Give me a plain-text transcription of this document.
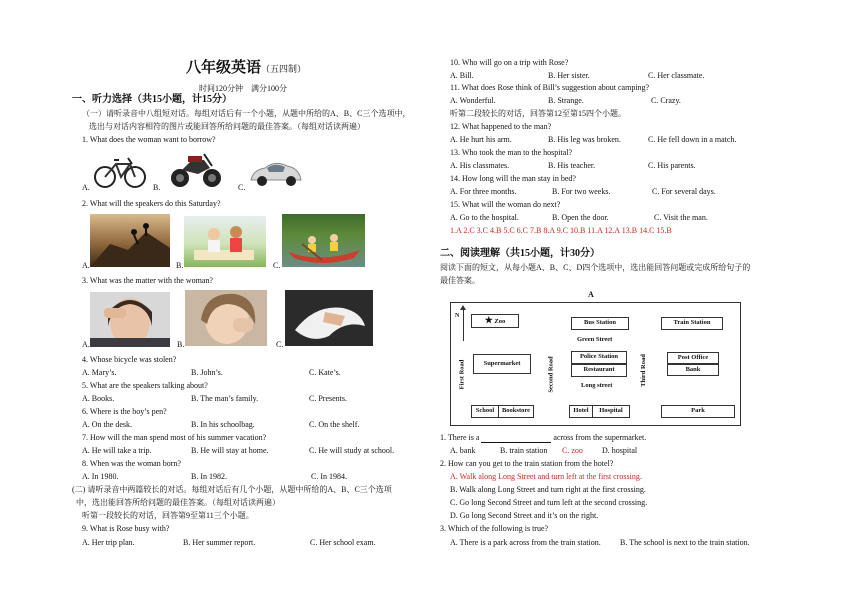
八年级英语（五四制）
时间120分钟　满分100分
一、听力选择（共15小题，计15分）
（一）请听录音中八组短对话。每组对话后有一个小题，从题中所给的A、B、C三个选项中，
选出与对话内容相符的图片或能回答所给问题的最佳答案。（每组对话读两遍）
1. What does the woman want to borrow?
A.	B.	C.
2. What will the speakers do this Saturday?
A.	B.	C.
3. What was the matter with the woman?
A.	B.	C.
4. Whose bicycle was stolen?
A. Mary’s.	B. John’s.	C. Kate’s.
5. What are the speakers talking about?
A. Books.	B. The man’s family.	C. Presents.
6. Where is the boy’s pen?
A. On the desk.	B. In his schoolbag.	C. On the shelf.
7. How will the man spend most of his summer vacation?
A. He will take a trip.	B. He will stay at home.	C. He will study at school.
8. When was the woman born?
A. In 1980.	B. In 1982.	C. In 1984.
(二) 请听录音中两篇较长的对话。每组对话后有几个小题，从题中所给的A、B、C三个选项
中，选出能回答所给问题的最佳答案。（每组对话读两遍）
听第一段较长的对话，回答第9至第11三个小题。
9. What is Rose busy with?
A. Her trip plan.	B. Her summer report.	C. Her school exam.
10. Who will go on a trip with Rose?
A. Bill.	B. Her sister.	C. Her classmate.
11. What does Rose think of Bill’s suggestion about camping?
A. Wonderful.	B. Strange.	C. Crazy.
听第二段较长的对话，回答第12至第15四个小题。
12. What happened to the man?
A. He hurt his arm.	B. His leg was broken.	C. He fell down in a match.
13. Who took the man to the hospital?
A. His classmates.	B. His teacher.	C. His parents.
14. How long will the man stay in bed?
A. For three months.	B. For two weeks.	C. For several days.
15. What will the woman do next?
A. Go to the hospital.	B. Open the door.	C. Visit the man.
1.A 2.C 3.C 4.B 5.C 6.C 7.B 8.A 9.C 10.B 11.A 12.A 13.B 14.C 15.B
二、阅读理解（共15小题，计30分）
阅读下面的短文，从每小题A、B、C、D四个选项中，选出能回答问题或完成所给句子的
最佳答案。
A
N	★ Zoo	Bus Station	Train Station
Green Street
First Road	Supermarket	Second Road	Police Station
Restaurant	Third Road	Post Office
Bank
Long street
School	Bookstore	Hotel	Hospital	Park
1. There is a	across from the supermarket.
A. bank	B. train station C. zoo D. hospital
2. How can you get to the train station from the hotel?
A. Walk along Long Street and turn left at the first crossing.
B. Walk along Long Street and turn right at the first crossing.
C. Go long Second Street and turn left at the second crossing.
D. Go long Second Street and it’s on the right.
3. Which of the following is true?
A. There is a park across from the train station. B. The school is next to the train station.
